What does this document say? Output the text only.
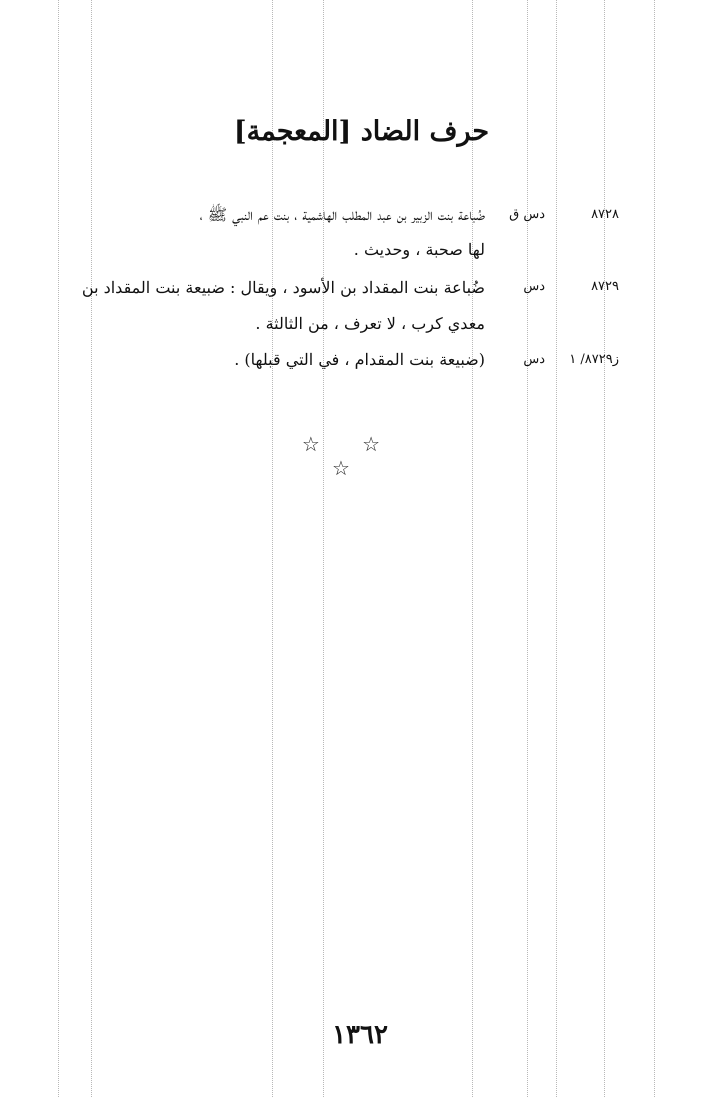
حرف الضاد [المعجمة]
٨٧٢٨
دس ق
ضُباعة بنت الزبير بن عبد المطلب الهاشمية ، بنت عم النبي ﷺ ،
لها صحبة ، وحديث .
٨٧٢٩
دس
ضُباعة بنت المقداد بن الأسود ، ويقال : ضبيعة بنت المقداد بن
معدي كرب ، لا تعرف ، من الثالثة .
ز٨٧٢٩/ ١
دس
(ضبيعة بنت المقدام ، في التي قبلها) .
☆ ☆ ☆
١٣٦٢
